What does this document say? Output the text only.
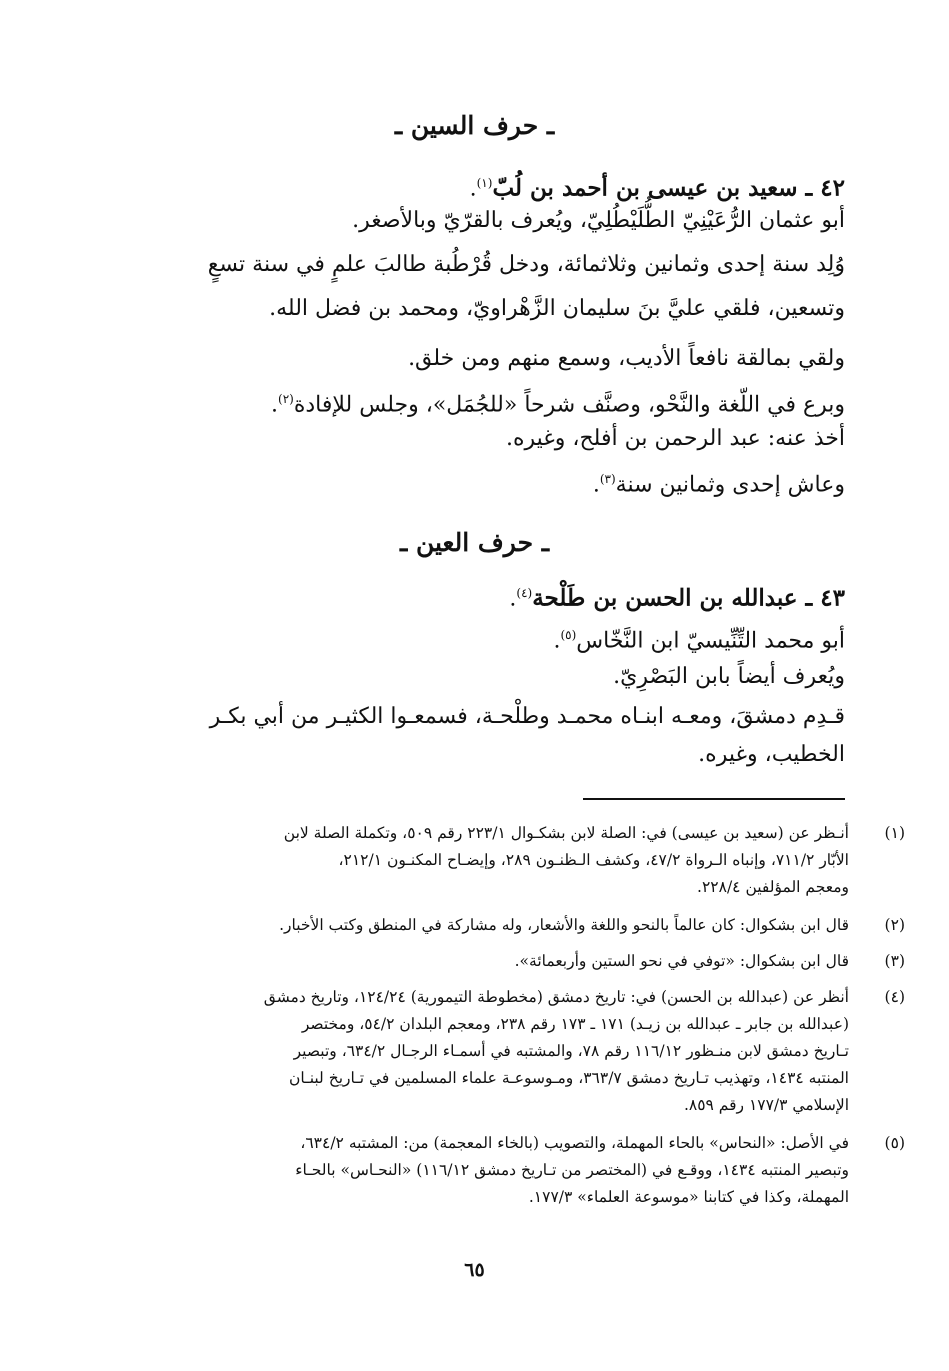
ـ حرف السين ـ
٤٢ ـ سعيد بن عيسى بن أحمد بن لُبّ$^{(١)}$.
أبو عثمان الرُّعَيْنِيّ الطُّلَيْطُلِيّ، ويُعرف بالقرّيّ وبالأصغر.
وُلِد سنة إحدى وثمانين وثلاثمائة، ودخل قُرْطُبة طالبَ علمٍ في سنة تسعٍ
وتسعين، فلقي عليَّ بنَ سليمان الزَّهْراويّ، ومحمد بن فضل الله.
ولقي بمالقة نافعاً الأديب، وسمع منهم ومن خلق.
وبرع في اللّغة والنَّحْو، وصنَّف شرحاً «للجُمَل»، وجلس للإفادة$^{(٢)}$.
أخذ عنه: عبد الرحمن بن أفلح، وغيره.
وعاش إحدى وثمانين سنة$^{(٣)}$.
ـ حرف العين ـ
٤٣ ـ عبدالله بن الحسن بن طَلْحة$^{(٤)}$.
أبو محمد التِّنِّيسيّ ابن النَّخّاس$^{(٥)}$.
ويُعرف أيضاً بابن البَصْرِيّ.
قـدِم دمشقَ، ومعـه ابنـاه محمـد وطلْحـة، فسمعـوا الكثيـر من أبي بكـر
الخطيب، وغيره.
(١)
أنـظر عن (سعيد بن عيسى) في: الصلة لابن بشكـوال ٢٢٣/١ رقم ٥٠٩، وتكملة الصلة لابن
الأبّار ٧١١/٢، وإنباه الـرواة ٤٧/٢، وكشف الـظنـون ٢٨٩، وإيضـاح المكنـون ٢١٢/١،
ومعجم المؤلفين ٢٢٨/٤.
(٢)
قال ابن بشكوال: كان عالماً بالنحو واللغة والأشعار، وله مشاركة في المنطق وكتب الأخبار.
(٣)
قال ابن بشكوال: «توفي في نحو الستين وأربعمائة».
(٤)
أنظر عن (عبدالله بن الحسن) في: تاريخ دمشق (مخطوطة التيمورية) ١٢٤/٢٤، وتاريخ دمشق
(عبدالله بن جابر ـ عبدالله بن زيـد) ١٧١ ـ ١٧٣ رقم ٢٣٨، ومعجم البلدان ٥٤/٢، ومختصر
تـاريخ دمشق لابن منـظور ١١٦/١٢ رقم ٧٨، والمشتبه في أسمـاء الرجـال ٦٣٤/٢، وتبصير
المنتبه ١٤٣٤، وتهذيب تـاريخ دمشق ٣٦٣/٧، ومـوسوعـة علماء المسلمين في تـاريخ لبنـان
الإسلامي ١٧٧/٣ رقم ٨٥٩.
(٥)
في الأصل: «النحاس» بالحاء المهملة، والتصويب (بالخاء المعجمة) من: المشتبه ٦٣٤/٢،
وتبصير المنتبه ١٤٣٤، ووقـع في (المختصر من تـاريخ دمشق ١١٦/١٢) «النحـاس» بالحـاء
المهملة، وكذا في كتابنا «موسوعة العلماء» ١٧٧/٣.
٦٥
